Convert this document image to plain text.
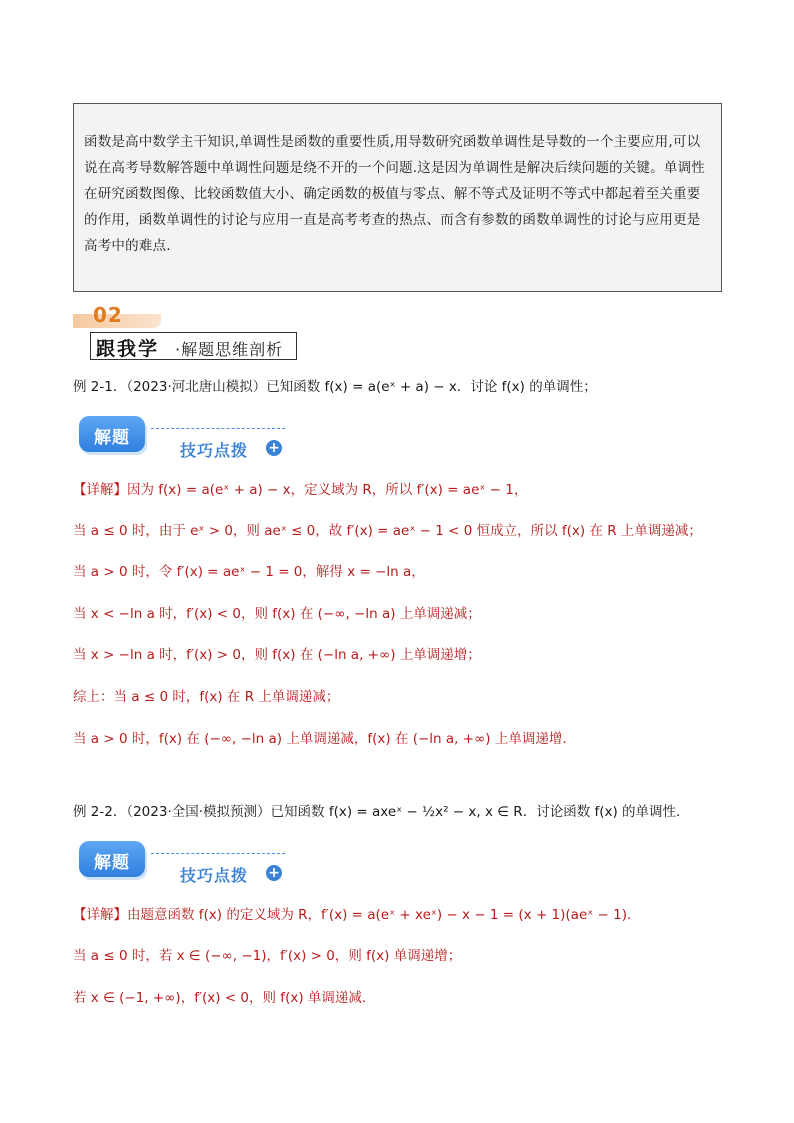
函数是高中数学主干知识,单调性是函数的重要性质,用导数研究函数单调性是导数的一个主要应用,可以
说在高考导数解答题中单调性问题是绕不开的一个问题.这是因为单调性是解决后续问题的关键。单调性
在研究函数图像、比较函数值大小、确定函数的极值与零点、解不等式及证明不等式中都起着至关重要
的作用，函数单调性的讨论与应用一直是高考考查的热点、而含有参数的函数单调性的讨论与应用更是
高考中的难点.
02
跟我学 ·解题思维剖析
例 2-1．（2023·河北唐山模拟）已知函数 f(x) = a(eˣ + a) − x．讨论 f(x) 的单调性；
解题
技巧点拨 +
【详解】因为 f(x) = a(eˣ + a) − x，定义域为 R，所以 f′(x) = aeˣ − 1，
当 a ≤ 0 时，由于 eˣ > 0，则 aeˣ ≤ 0，故 f′(x) = aeˣ − 1 < 0 恒成立，所以 f(x) 在 R 上单调递减；
当 a > 0 时，令 f′(x) = aeˣ − 1 = 0，解得 x = −ln a，
当 x < −ln a 时，f′(x) < 0，则 f(x) 在 (−∞, −ln a) 上单调递减；
当 x > −ln a 时，f′(x) > 0，则 f(x) 在 (−ln a, +∞) 上单调递增；
综上：当 a ≤ 0 时，f(x) 在 R 上单调递减；
当 a > 0 时，f(x) 在 (−∞, −ln a) 上单调递减，f(x) 在 (−ln a, +∞) 上单调递增.
例 2-2．（2023·全国·模拟预测）已知函数 f(x) = axeˣ − ½x² − x, x ∈ R．讨论函数 f(x) 的单调性．
解题
技巧点拨 +
【详解】由题意函数 f(x) 的定义域为 R，f′(x) = a(eˣ + xeˣ) − x − 1 = (x + 1)(aeˣ − 1)．
当 a ≤ 0 时，若 x ∈ (−∞, −1)，f′(x) > 0，则 f(x) 单调递增；
若 x ∈ (−1, +∞)，f′(x) < 0，则 f(x) 单调递减．
